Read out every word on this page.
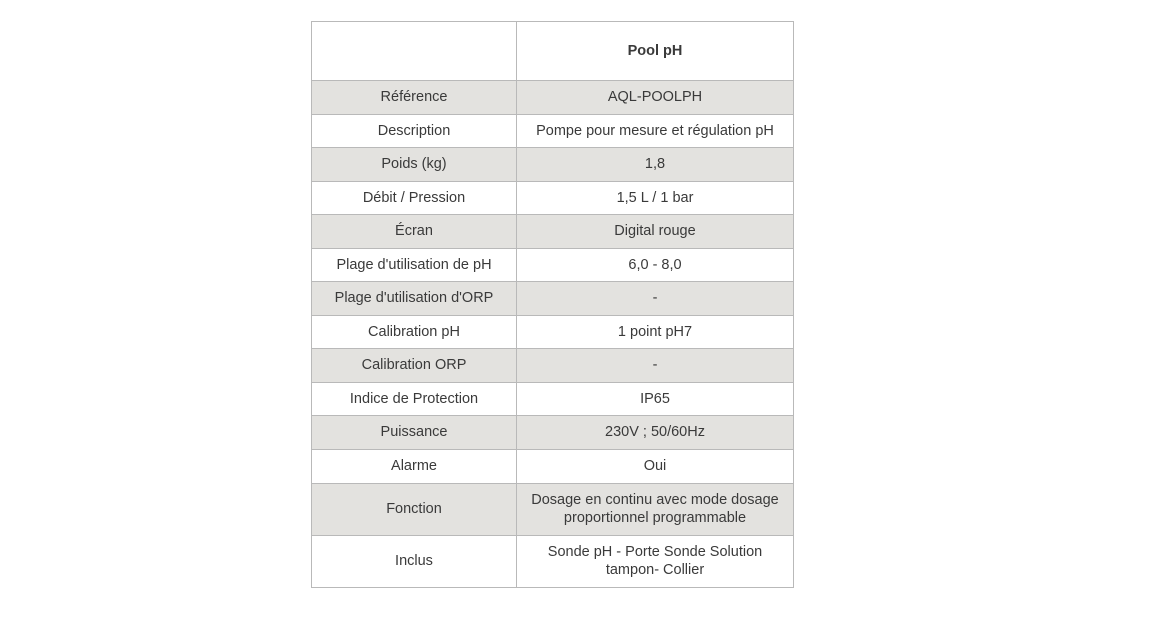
	Pool pH
Référence	AQL-POOLPH
Description	Pompe pour mesure et régulation pH
Poids (kg)	1,8
Débit / Pression	1,5 L / 1 bar
Écran	Digital rouge
Plage d'utilisation de pH	6,0 - 8,0
Plage d'utilisation d'ORP	-
Calibration pH	1 point pH7
Calibration ORP	-
Indice de Protection	IP65
Puissance	230V ; 50/60Hz
Alarme	Oui
Fonction	Dosage en continu avec mode dosage proportionnel programmable
Inclus	Sonde pH - Porte Sonde Solution tampon- Collier
